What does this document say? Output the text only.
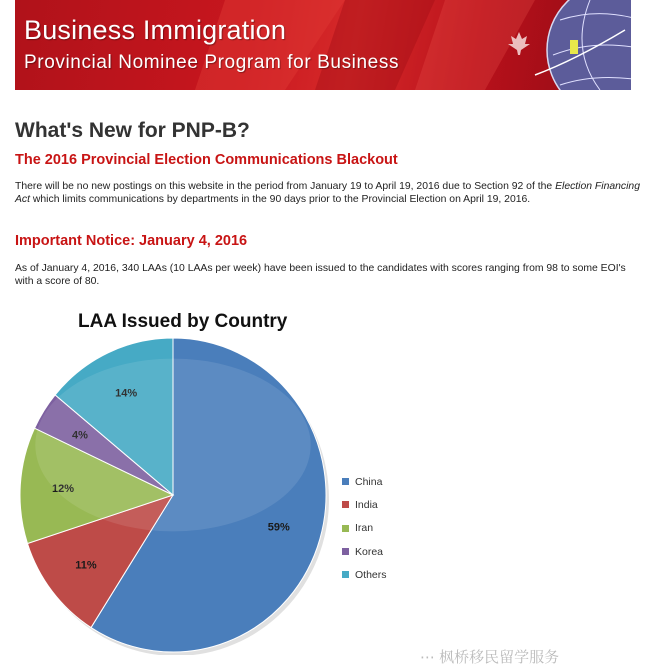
Business Immigration
Provincial Nominee Program for Business
What's New for PNP-B?
The 2016 Provincial Election Communications Blackout
There will be no new postings on this website in the period from January 19 to April 19, 2016 due to Section 92 of the Election Financing Act which limits communications by departments in the 90 days prior to the Provincial Election on April 19, 2016.
Important Notice: January 4, 2016
As of January 4, 2016, 340 LAAs (10 LAAs per week) have been issued to the candidates with scores ranging from 98 to some EOI's with a score of 80.
LAA Issued by Country
59%
11%
12%
4%
14%
China
India
Iran
Korea
Others
⋯ 枫桥移民留学服务
